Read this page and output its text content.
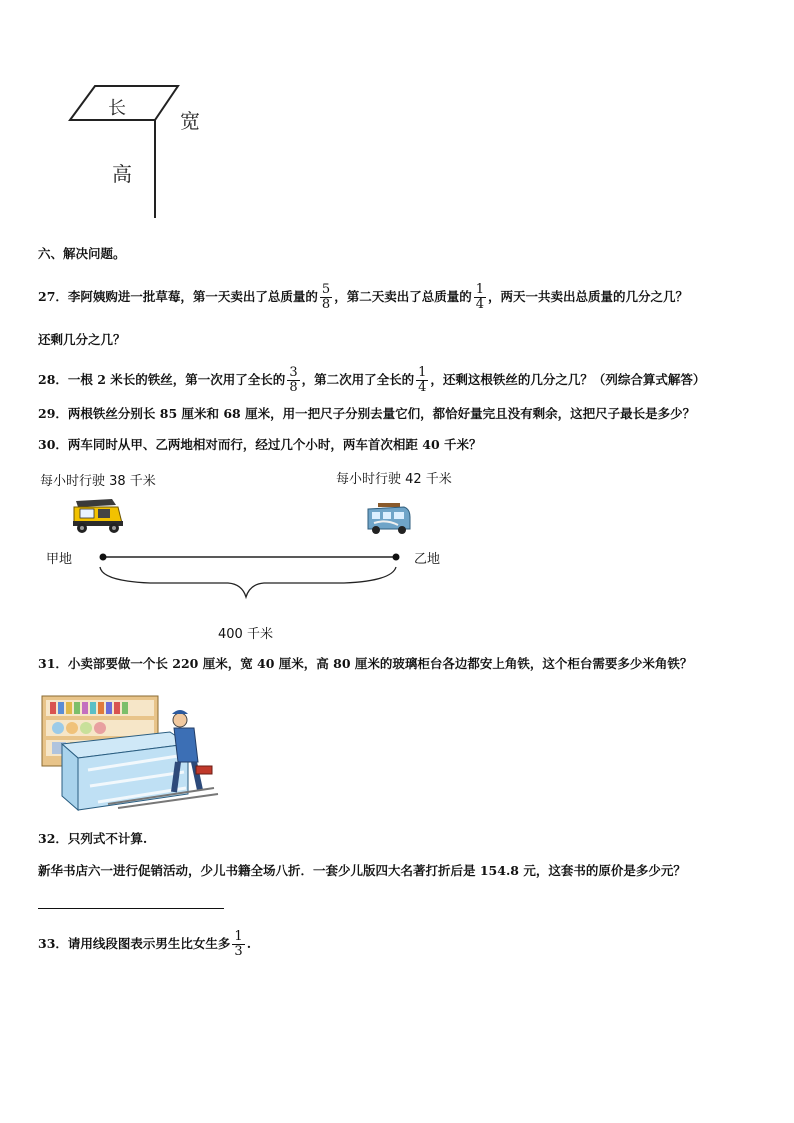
长
宽
高
六、解决问题。
27．李阿姨购进一批草莓，第一天卖出了总质量的 $\frac{5}{8}$ ，第二天卖出了总质量的 $\frac{1}{4}$ ，两天一共卖出总质量的几分之几？
还剩几分之几？
28．一根 2 米长的铁丝，第一次用了全长的 $\frac{3}{8}$ ，第二次用了全长的 $\frac{1}{4}$ ，还剩这根铁丝的几分之几？（列综合算式解答）
29．两根铁丝分别长 85 厘米和 68 厘米，用一把尺子分别去量它们，都恰好量完且没有剩余，这把尺子最长是多少？
30．两车同时从甲、乙两地相对而行，经过几个小时，两车首次相距 40 千米？
每小时行驶 38 千米	每小时行驶 42 千米
甲地	乙地
400 千米
31．小卖部要做一个长 220 厘米，宽 40 厘米，高 80 厘米的玻璃柜台各边都安上角铁，这个柜台需要多少米角铁？
32．只列式不计算.
新华书店六一进行促销活动，少儿书籍全场八折．一套少儿版四大名著打折后是 154.8 元，这套书的原价是多少元？
33．请用线段图表示男生比女生多 $\frac{1}{3}$ .
